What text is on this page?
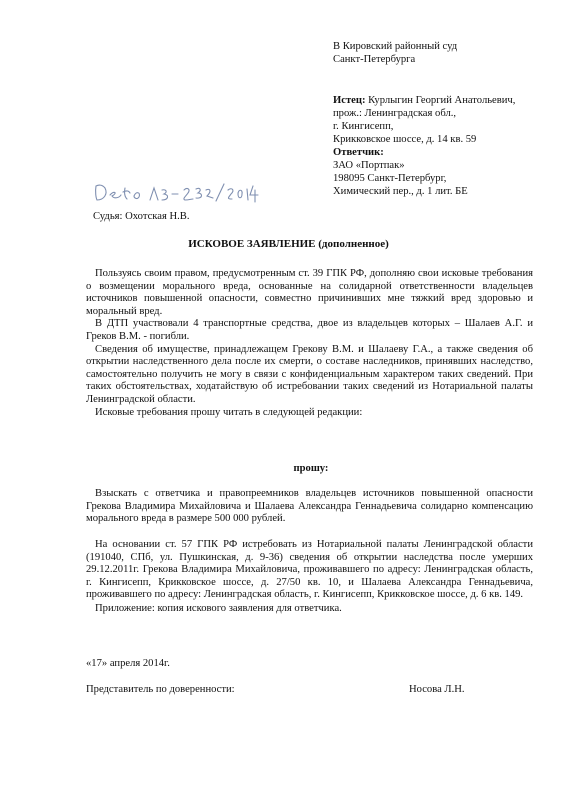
В Кировский районный суд
Санкт-Петербурга
Истец: Курлыгин Георгий Анатольевич,
прож.: Ленинградская обл.,
г. Кингисепп,
Крикковское шоссе, д. 14 кв. 59
Ответчик:
ЗАО «Портпак»
198095 Санкт-Петербург,
Химический пер., д. 1 лит. БЕ
Судья: Охотская Н.В.
ИСКОВОЕ ЗАЯВЛЕНИЕ (дополненное)

Пользуясь своим правом, предусмотренным ст. 39 ГПК РФ, дополняю свои исковые требования о возмещении морального вреда, основанные на солидарной ответственности владельцев источников повышенной опасности, совместно причинивших мне тяжкий вред здоровью и моральный вред.

В ДТП участвовали 4 транспортные средства, двое из владельцев которых – Шалаев А.Г. и Греков В.М. - погибли.

Сведения об имуществе, принадлежащем Грекову В.М. и Шалаеву Г.А., а также сведения об открытии наследственного дела после их смерти, о составе наследников, принявших наследство, самостоятельно получить не могу в связи с конфиденциальным характером таких сведений. При таких обстоятельствах, ходатайствую об истребовании таких сведений из Нотариальной палаты Ленинградской области.

Исковые требования прошу читать в следующей редакции:

прошу:

Взыскать с ответчика и правопреемников владельцев источников повышенной опасности Грекова Владимира Михайловича и Шалаева Александра Геннадьевича солидарно компенсацию морального вреда в размере 500 000 рублей.

На основании ст. 57 ГПК РФ истребовать из Нотариальной палаты Ленинградской области (191040, СПб, ул. Пушкинская, д. 9-36) сведения об открытии наследства после умерших 29.12.2011г. Грекова Владимира Михайловича, проживавшего по адресу: Ленинградская область, г. Кингисепп, Крикковское шоссе, д. 27/50 кв. 10, и Шалаева Александра Геннадьевича, проживавшего по адресу: Ленинградская область, г. Кингисепп, Крикковское шоссе, д. 6 кв. 149.

Приложение: копия искового заявления для ответчика.

«17» апреля 2014г.
Представитель по доверенности:	Носова Л.Н.
